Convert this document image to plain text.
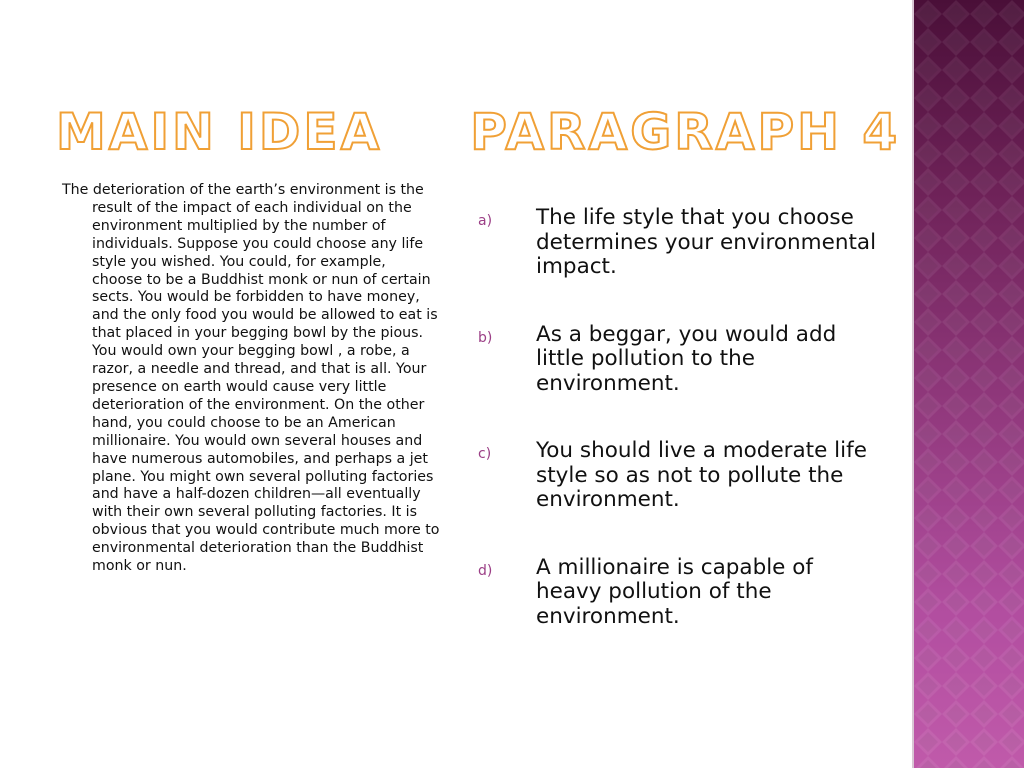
MAIN IDEA PARAGRAPH 4
The deterioration of the earth’s environment is the result of the impact of each individual on the environment multiplied by the number of individuals. Suppose you could choose any life style you wished. You could, for example, choose to be a Buddhist monk or nun of certain sects. You would be forbidden to have money, and the only food you would be allowed to eat is that placed in your begging bowl by the pious. You would own your begging bowl , a robe, a razor, a needle and thread, and that is all. Your presence on earth would cause very little deterioration of the environment. On the other hand, you could choose to be an American millionaire. You would own several houses and have numerous automobiles, and perhaps a jet plane. You might own several polluting factories and have a half-dozen children—all eventually with their own several polluting factories. It is obvious that you would contribute much more to environmental deterioration than the Buddhist monk or nun.
a) The life style that you choose determines your environmental impact.
b) As a beggar, you would add little pollution to the environment.
c) You should live a moderate life style so as not to pollute the environment.
d) A millionaire is capable of heavy pollution of the environment.
